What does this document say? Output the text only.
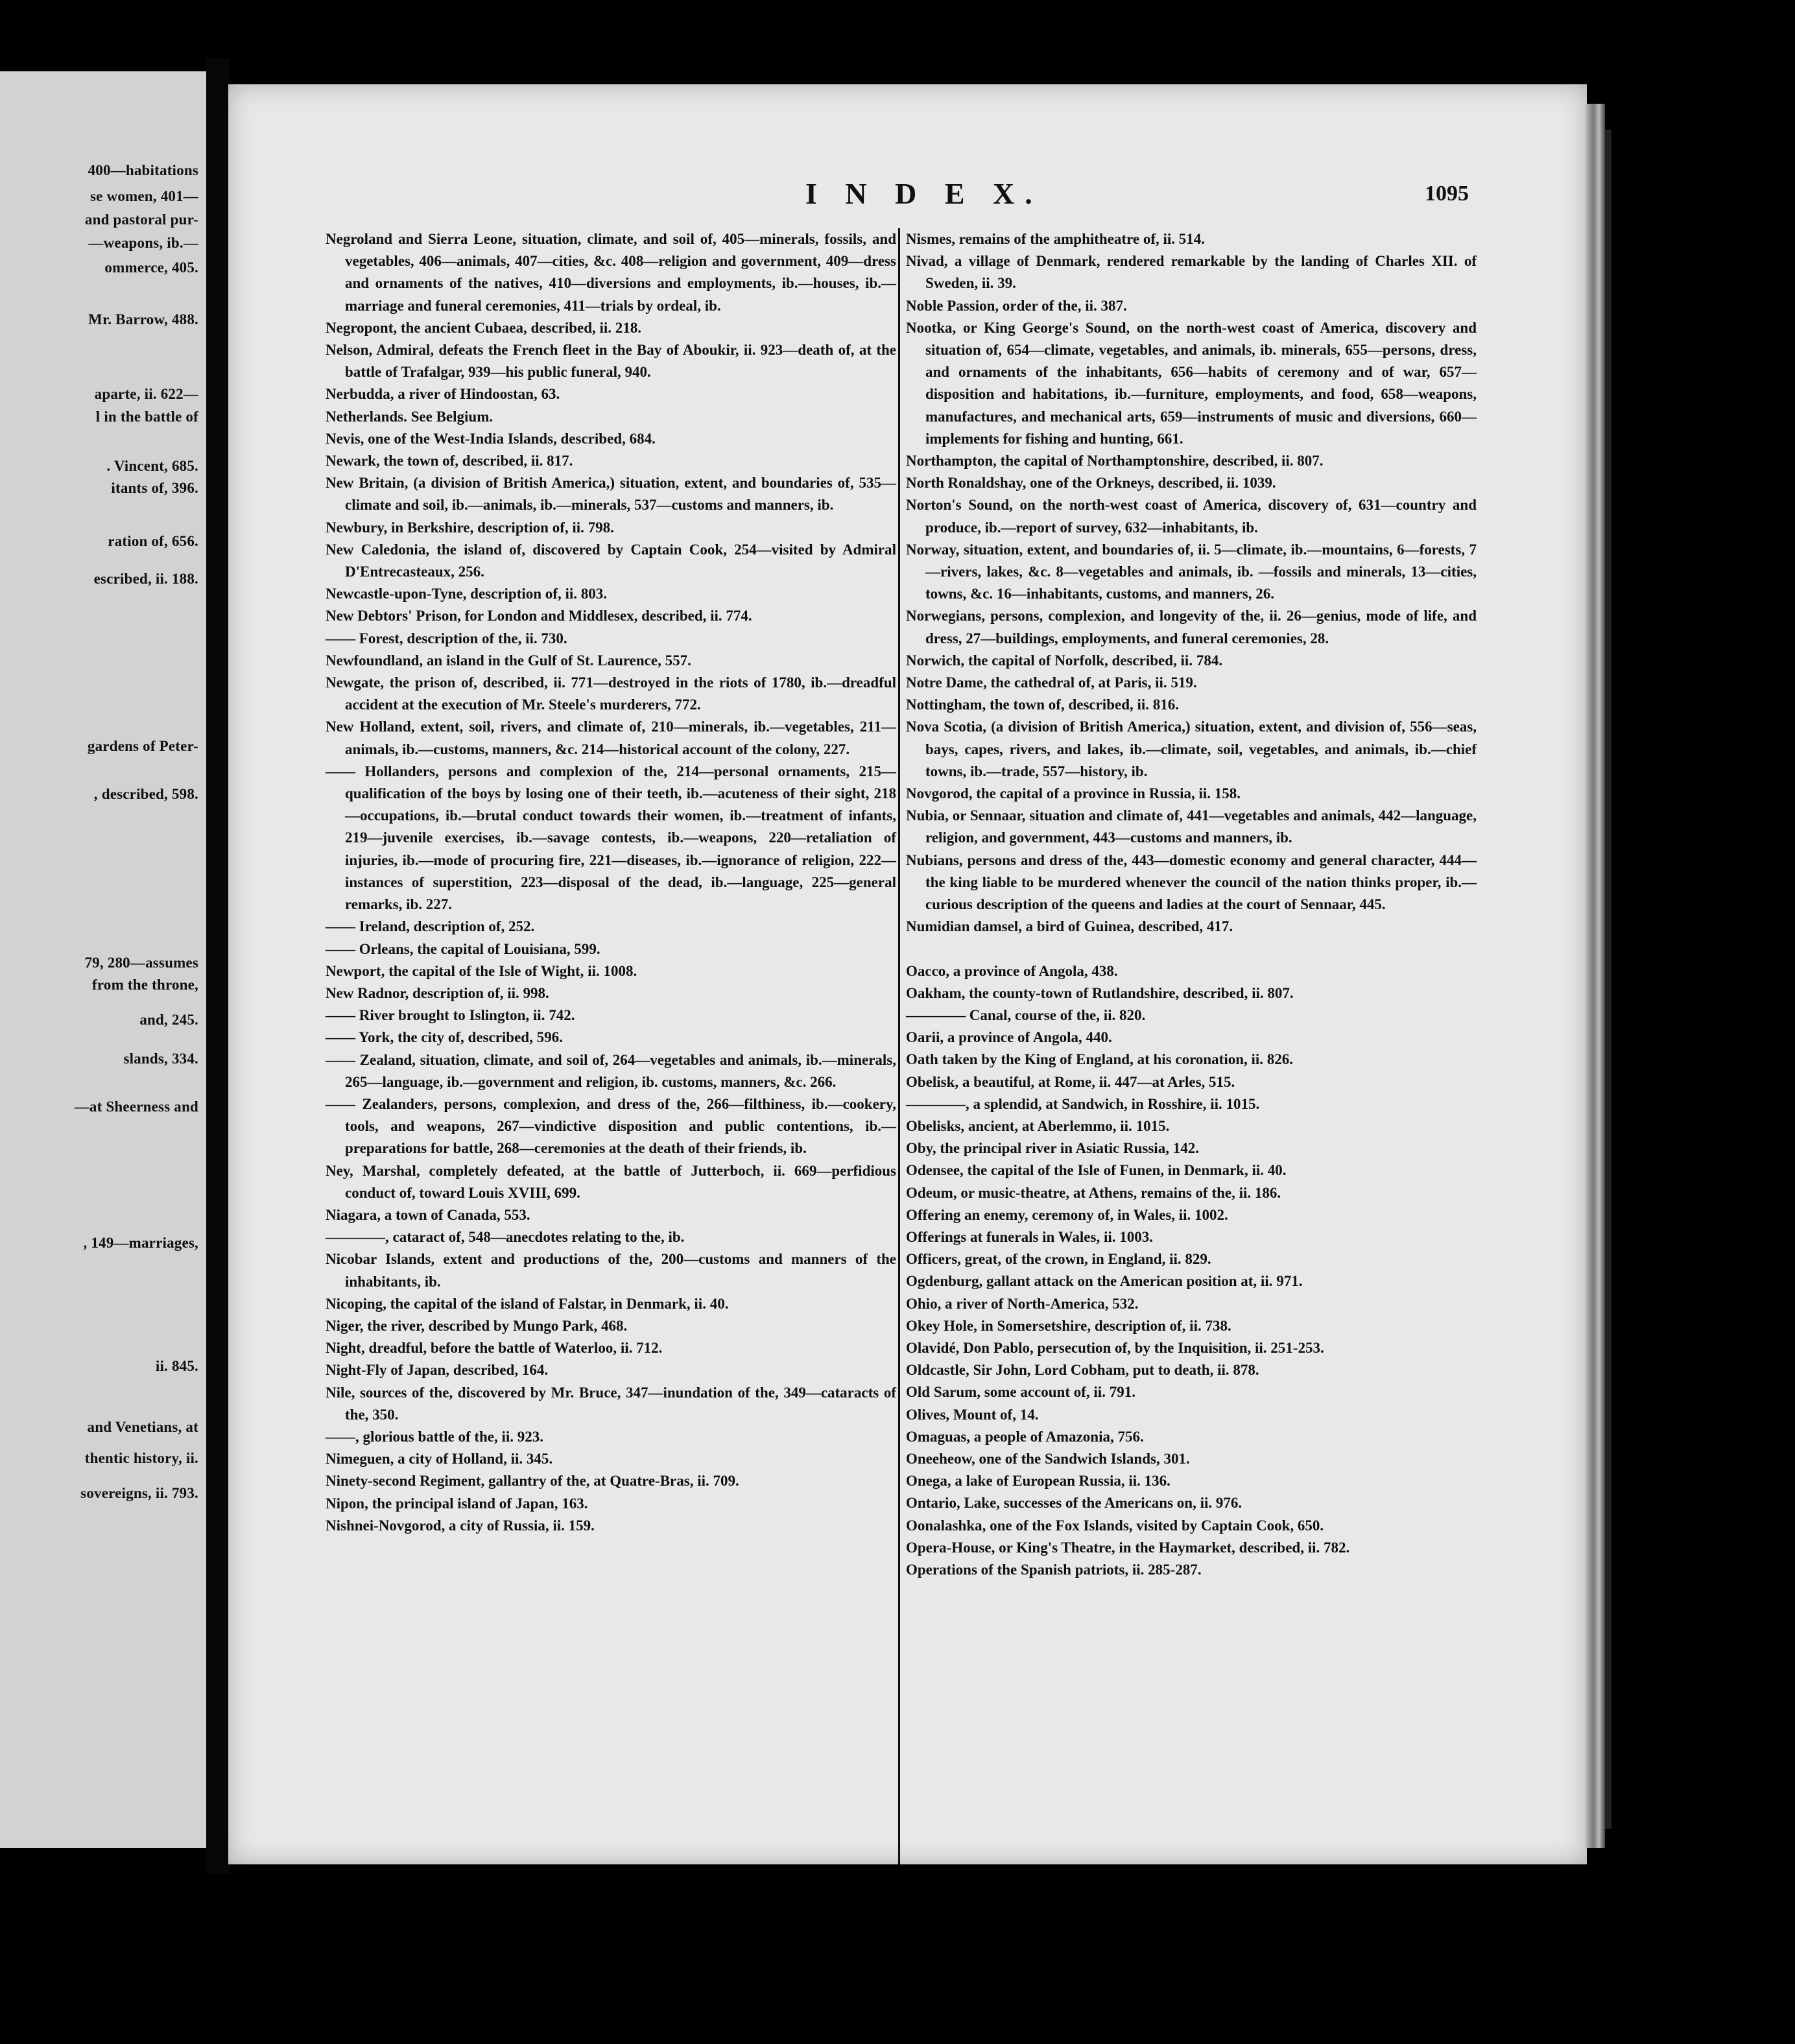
400—habitations
se women, 401—
and pastoral pur-
—weapons, ib.—
ommerce, 405.
Mr. Barrow, 488.
aparte, ii. 622—
l in the battle of
. Vincent, 685.
itants of, 396.
ration of, 656.
escribed, ii. 188.
gardens of Peter-
, described, 598.
79, 280—assumes
from the throne,
and, 245.
slands, 334.
—at Sheerness and
, 149—marriages,
ii. 845.
and Venetians, at
thentic history, ii.
sovereigns, ii. 793.
I N D E X.	1095
Negroland and Sierra Leone, situation, climate, and soil of, 405—minerals, fossils, and vegetables, 406—animals, 407—cities, &c. 408—religion and government, 409—dress and ornaments of the natives, 410—diversions and employments, ib.—houses, ib.—marriage and funeral ceremonies, 411—trials by ordeal, ib.
Negropont, the ancient Cubaea, described, ii. 218.
Nelson, Admiral, defeats the French fleet in the Bay of Aboukir, ii. 923—death of, at the battle of Trafalgar, 939—his public funeral, 940.
Nerbudda, a river of Hindoostan, 63.
Netherlands. See Belgium.
Nevis, one of the West-India Islands, described, 684.
Newark, the town of, described, ii. 817.
New Britain, (a division of British America,) situation, extent, and boundaries of, 535—climate and soil, ib.—animals, ib.—minerals, 537—customs and manners, ib.
Newbury, in Berkshire, description of, ii. 798.
New Caledonia, the island of, discovered by Captain Cook, 254—visited by Admiral D'Entrecasteaux, 256.
Newcastle-upon-Tyne, description of, ii. 803.
New Debtors' Prison, for London and Middlesex, described, ii. 774.
—— Forest, description of the, ii. 730.
Newfoundland, an island in the Gulf of St. Laurence, 557.
Newgate, the prison of, described, ii. 771—destroyed in the riots of 1780, ib.—dreadful accident at the execution of Mr. Steele's murderers, 772.
New Holland, extent, soil, rivers, and climate of, 210—minerals, ib.—vegetables, 211—animals, ib.—customs, manners, &c. 214—historical account of the colony, 227.
—— Hollanders, persons and complexion of the, 214—personal ornaments, 215—qualification of the boys by losing one of their teeth, ib.—acuteness of their sight, 218—occupations, ib.—brutal conduct towards their women, ib.—treatment of infants, 219—juvenile exercises, ib.—savage contests, ib.—weapons, 220—retaliation of injuries, ib.—mode of procuring fire, 221—diseases, ib.—ignorance of religion, 222—instances of superstition, 223—disposal of the dead, ib.—language, 225—general remarks, ib. 227.
—— Ireland, description of, 252.
—— Orleans, the capital of Louisiana, 599.
Newport, the capital of the Isle of Wight, ii. 1008.
New Radnor, description of, ii. 998.
—— River brought to Islington, ii. 742.
—— York, the city of, described, 596.
—— Zealand, situation, climate, and soil of, 264—vegetables and animals, ib.—minerals, 265—language, ib.—government and religion, ib. customs, manners, &c. 266.
—— Zealanders, persons, complexion, and dress of the, 266—filthiness, ib.—cookery, tools, and weapons, 267—vindictive disposition and public contentions, ib.—preparations for battle, 268—ceremonies at the death of their friends, ib.
Ney, Marshal, completely defeated, at the battle of Jutterboch, ii. 669—perfidious conduct of, toward Louis XVIII, 699.
Niagara, a town of Canada, 553.
————, cataract of, 548—anecdotes relating to the, ib.
Nicobar Islands, extent and productions of the, 200—customs and manners of the inhabitants, ib.
Nicoping, the capital of the island of Falstar, in Denmark, ii. 40.
Niger, the river, described by Mungo Park, 468.
Night, dreadful, before the battle of Waterloo, ii. 712.
Night-Fly of Japan, described, 164.
Nile, sources of the, discovered by Mr. Bruce, 347—inundation of the, 349—cataracts of the, 350.
——, glorious battle of the, ii. 923.
Nimeguen, a city of Holland, ii. 345.
Ninety-second Regiment, gallantry of the, at Quatre-Bras, ii. 709.
Nipon, the principal island of Japan, 163.
Nishnei-Novgorod, a city of Russia, ii. 159.
Nismes, remains of the amphitheatre of, ii. 514.
Nivad, a village of Denmark, rendered remarkable by the landing of Charles XII. of Sweden, ii. 39.
Noble Passion, order of the, ii. 387.
Nootka, or King George's Sound, on the north-west coast of America, discovery and situation of, 654—climate, vegetables, and animals, ib. minerals, 655—persons, dress, and ornaments of the inhabitants, 656—habits of ceremony and of war, 657—disposition and habitations, ib.—furniture, employments, and food, 658—weapons, manufactures, and mechanical arts, 659—instruments of music and diversions, 660—implements for fishing and hunting, 661.
Northampton, the capital of Northamptonshire, described, ii. 807.
North Ronaldshay, one of the Orkneys, described, ii. 1039.
Norton's Sound, on the north-west coast of America, discovery of, 631—country and produce, ib.—report of survey, 632—inhabitants, ib.
Norway, situation, extent, and boundaries of, ii. 5—climate, ib.—mountains, 6—forests, 7—rivers, lakes, &c. 8—vegetables and animals, ib. —fossils and minerals, 13—cities, towns, &c. 16—inhabitants, customs, and manners, 26.
Norwegians, persons, complexion, and longevity of the, ii. 26—genius, mode of life, and dress, 27—buildings, employments, and funeral ceremonies, 28.
Norwich, the capital of Norfolk, described, ii. 784.
Notre Dame, the cathedral of, at Paris, ii. 519.
Nottingham, the town of, described, ii. 816.
Nova Scotia, (a division of British America,) situation, extent, and division of, 556—seas, bays, capes, rivers, and lakes, ib.—climate, soil, vegetables, and animals, ib.—chief towns, ib.—trade, 557—history, ib.
Novgorod, the capital of a province in Russia, ii. 158.
Nubia, or Sennaar, situation and climate of, 441—vegetables and animals, 442—language, religion, and government, 443—customs and manners, ib.
Nubians, persons and dress of the, 443—domestic economy and general character, 444—the king liable to be murdered whenever the council of the nation thinks proper, ib.—curious description of the queens and ladies at the court of Sennaar, 445.
Numidian damsel, a bird of Guinea, described, 417.
Oacco, a province of Angola, 438.
Oakham, the county-town of Rutlandshire, described, ii. 807.
———— Canal, course of the, ii. 820.
Oarii, a province of Angola, 440.
Oath taken by the King of England, at his coronation, ii. 826.
Obelisk, a beautiful, at Rome, ii. 447—at Arles, 515.
————, a splendid, at Sandwich, in Rosshire, ii. 1015.
Obelisks, ancient, at Aberlemmo, ii. 1015.
Oby, the principal river in Asiatic Russia, 142.
Odensee, the capital of the Isle of Funen, in Denmark, ii. 40.
Odeum, or music-theatre, at Athens, remains of the, ii. 186.
Offering an enemy, ceremony of, in Wales, ii. 1002.
Offerings at funerals in Wales, ii. 1003.
Officers, great, of the crown, in England, ii. 829.
Ogdenburg, gallant attack on the American position at, ii. 971.
Ohio, a river of North-America, 532.
Okey Hole, in Somersetshire, description of, ii. 738.
Olavidé, Don Pablo, persecution of, by the Inquisition, ii. 251-253.
Oldcastle, Sir John, Lord Cobham, put to death, ii. 878.
Old Sarum, some account of, ii. 791.
Olives, Mount of, 14.
Omaguas, a people of Amazonia, 756.
Oneeheow, one of the Sandwich Islands, 301.
Onega, a lake of European Russia, ii. 136.
Ontario, Lake, successes of the Americans on, ii. 976.
Oonalashka, one of the Fox Islands, visited by Captain Cook, 650.
Opera-House, or King's Theatre, in the Haymarket, described, ii. 782.
Operations of the Spanish patriots, ii. 285-287.
